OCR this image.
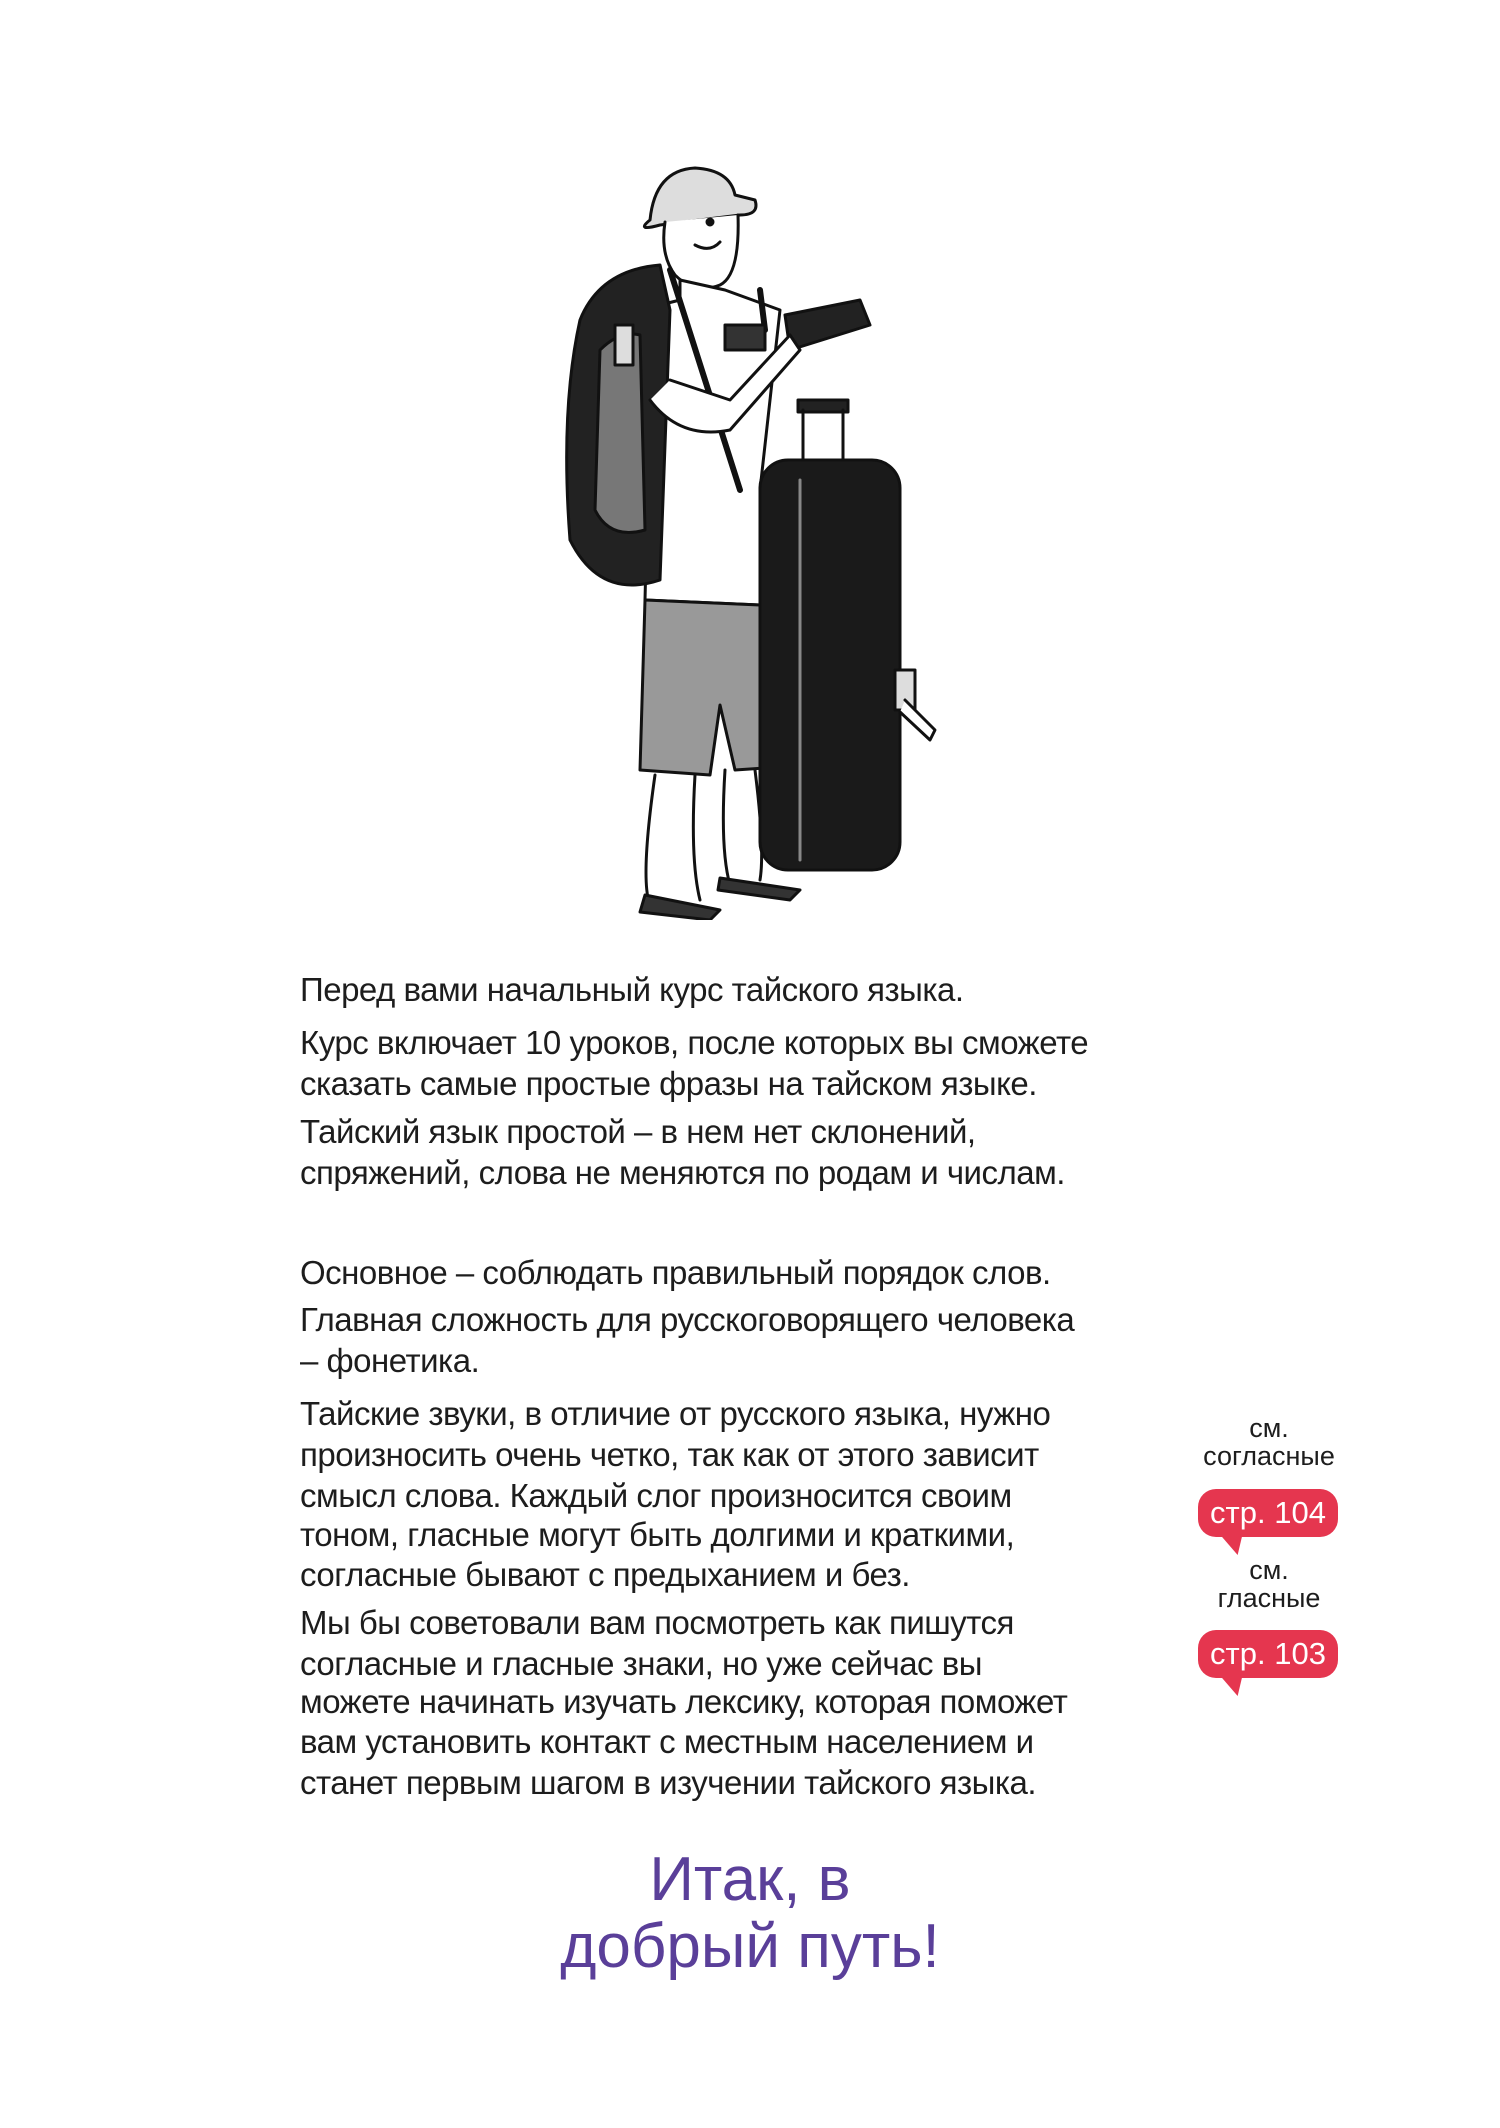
Перед вами начальный курс тайского языка.
Курс включает 10 уроков, после которых вы сможете
сказать самые простые фразы на тайском языке.
Тайский язык простой – в нем нет склонений,
спряжений, слова не меняются по родам и числам.
Основное – соблюдать правильный порядок слов.
Главная сложность для русскоговорящего человека
– фонетика.
Тайские звуки, в отличие от русского языка, нужно
произносить очень четко, так как от этого зависит
смысл слова. Каждый слог произносится своим
тоном, гласные могут быть долгими и краткими,
согласные бывают с предыханием и без.
Мы бы советовали вам посмотреть как пишутся
согласные и гласные знаки, но уже сейчас вы
можете начинать изучать лексику, которая поможет
вам установить контакт с местным населением и
станет первым шагом в изучении тайского языка.
см.
согласные
стр. 104
см.
гласные
стр. 103
Итак, в
добрый путь!
